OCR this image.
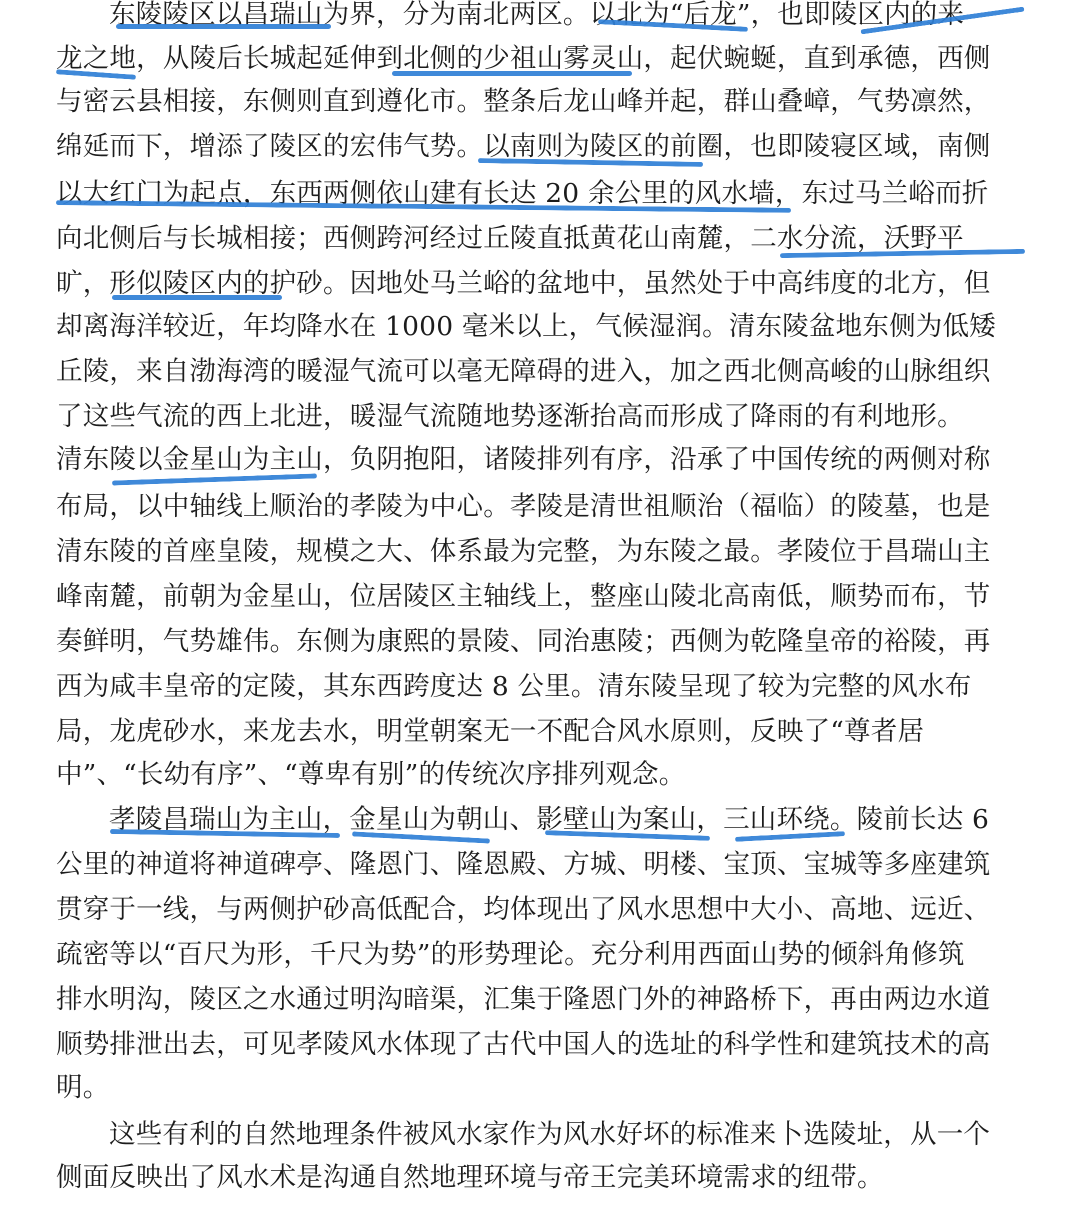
东陵陵区以昌瑞山为界，分为南北两区。以北为“后龙”，也即陵区内的来
龙之地，从陵后长城起延伸到北侧的少祖山雾灵山，起伏蜿蜒，直到承德，西侧
与密云县相接，东侧则直到遵化市。整条后龙山峰并起，群山叠嶂，气势凛然，
绵延而下，增添了陵区的宏伟气势。以南则为陵区的前圈，也即陵寝区域，南侧
以大红门为起点，东西两侧依山建有长达 20 余公里的风水墙，东过马兰峪而折
向北侧后与长城相接；西侧跨河经过丘陵直抵黄花山南麓，二水分流，沃野平
旷，形似陵区内的护砂。因地处马兰峪的盆地中，虽然处于中高纬度的北方，但
却离海洋较近，年均降水在 1000 毫米以上，气候湿润。清东陵盆地东侧为低矮
丘陵，来自渤海湾的暖湿气流可以毫无障碍的进入，加之西北侧高峻的山脉组织
了这些气流的西上北进，暖湿气流随地势逐渐抬高而形成了降雨的有利地形。
清东陵以金星山为主山，负阴抱阳，诸陵排列有序，沿承了中国传统的两侧对称
布局，以中轴线上顺治的孝陵为中心。孝陵是清世祖顺治（福临）的陵墓，也是
清东陵的首座皇陵，规模之大、体系最为完整，为东陵之最。孝陵位于昌瑞山主
峰南麓，前朝为金星山，位居陵区主轴线上，整座山陵北高南低，顺势而布，节
奏鲜明，气势雄伟。东侧为康熙的景陵、同治惠陵；西侧为乾隆皇帝的裕陵，再
西为咸丰皇帝的定陵，其东西跨度达 8 公里。清东陵呈现了较为完整的风水布
局，龙虎砂水，来龙去水，明堂朝案无一不配合风水原则，反映了“尊者居
中”、“长幼有序”、“尊卑有别”的传统次序排列观念。
孝陵昌瑞山为主山，金星山为朝山、影壁山为案山，三山环绕。陵前长达 6
公里的神道将神道碑亭、隆恩门、隆恩殿、方城、明楼、宝顶、宝城等多座建筑
贯穿于一线，与两侧护砂高低配合，均体现出了风水思想中大小、高地、远近、
疏密等以“百尺为形，千尺为势”的形势理论。充分利用西面山势的倾斜角修筑
排水明沟，陵区之水通过明沟暗渠，汇集于隆恩门外的神路桥下，再由两边水道
顺势排泄出去，可见孝陵风水体现了古代中国人的选址的科学性和建筑技术的高
明。
这些有利的自然地理条件被风水家作为风水好坏的标准来卜选陵址，从一个
侧面反映出了风水术是沟通自然地理环境与帝王完美环境需求的纽带。
